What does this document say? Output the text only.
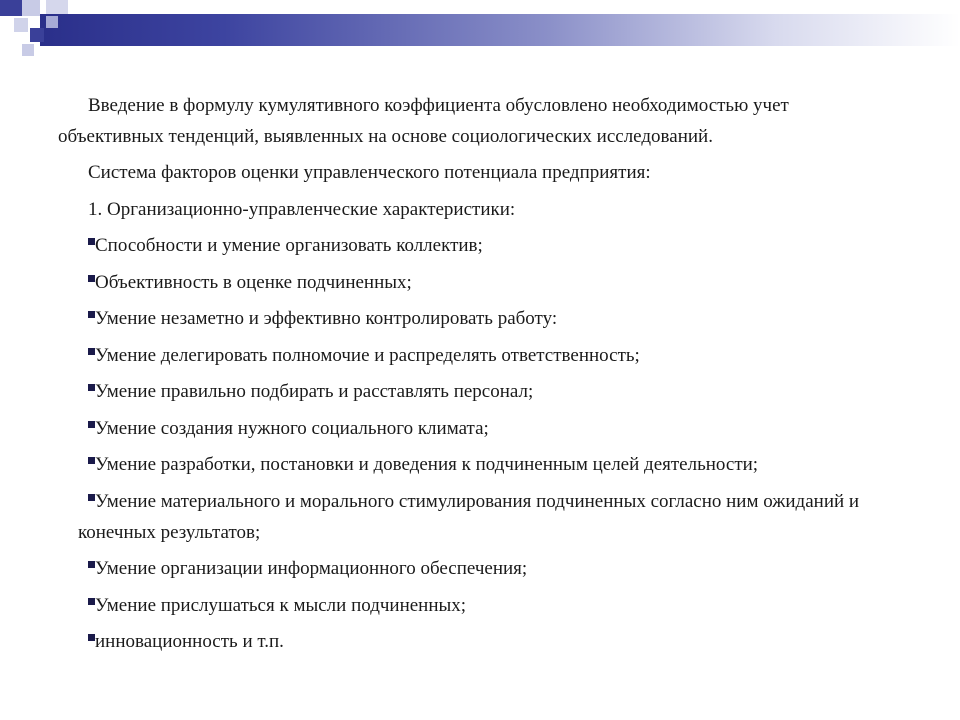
Введение в формулу кумулятивного коэффициента обусловлено необходимостью учет объективных тенденций, выявленных на основе социологических исследований.

Система факторов оценки управленческого потенциала предприятия:

1. Организационно-управленческие характеристики:

Способности и умение организовать коллектив;
Объективность в оценке подчиненных;
Умение незаметно и эффективно контролировать работу:
Умение делегировать полномочие и распределять ответственность;
Умение правильно подбирать и расставлять персонал;
Умение создания нужного социального климата;
Умение разработки, постановки и доведения к подчиненным целей деятельности;
Умение материального и морального стимулирования подчиненных согласно ним ожиданий и конечных результатов;
Умение организации информационного обеспечения;
Умение прислушаться к мысли подчиненных;
инновационность и т.п.
